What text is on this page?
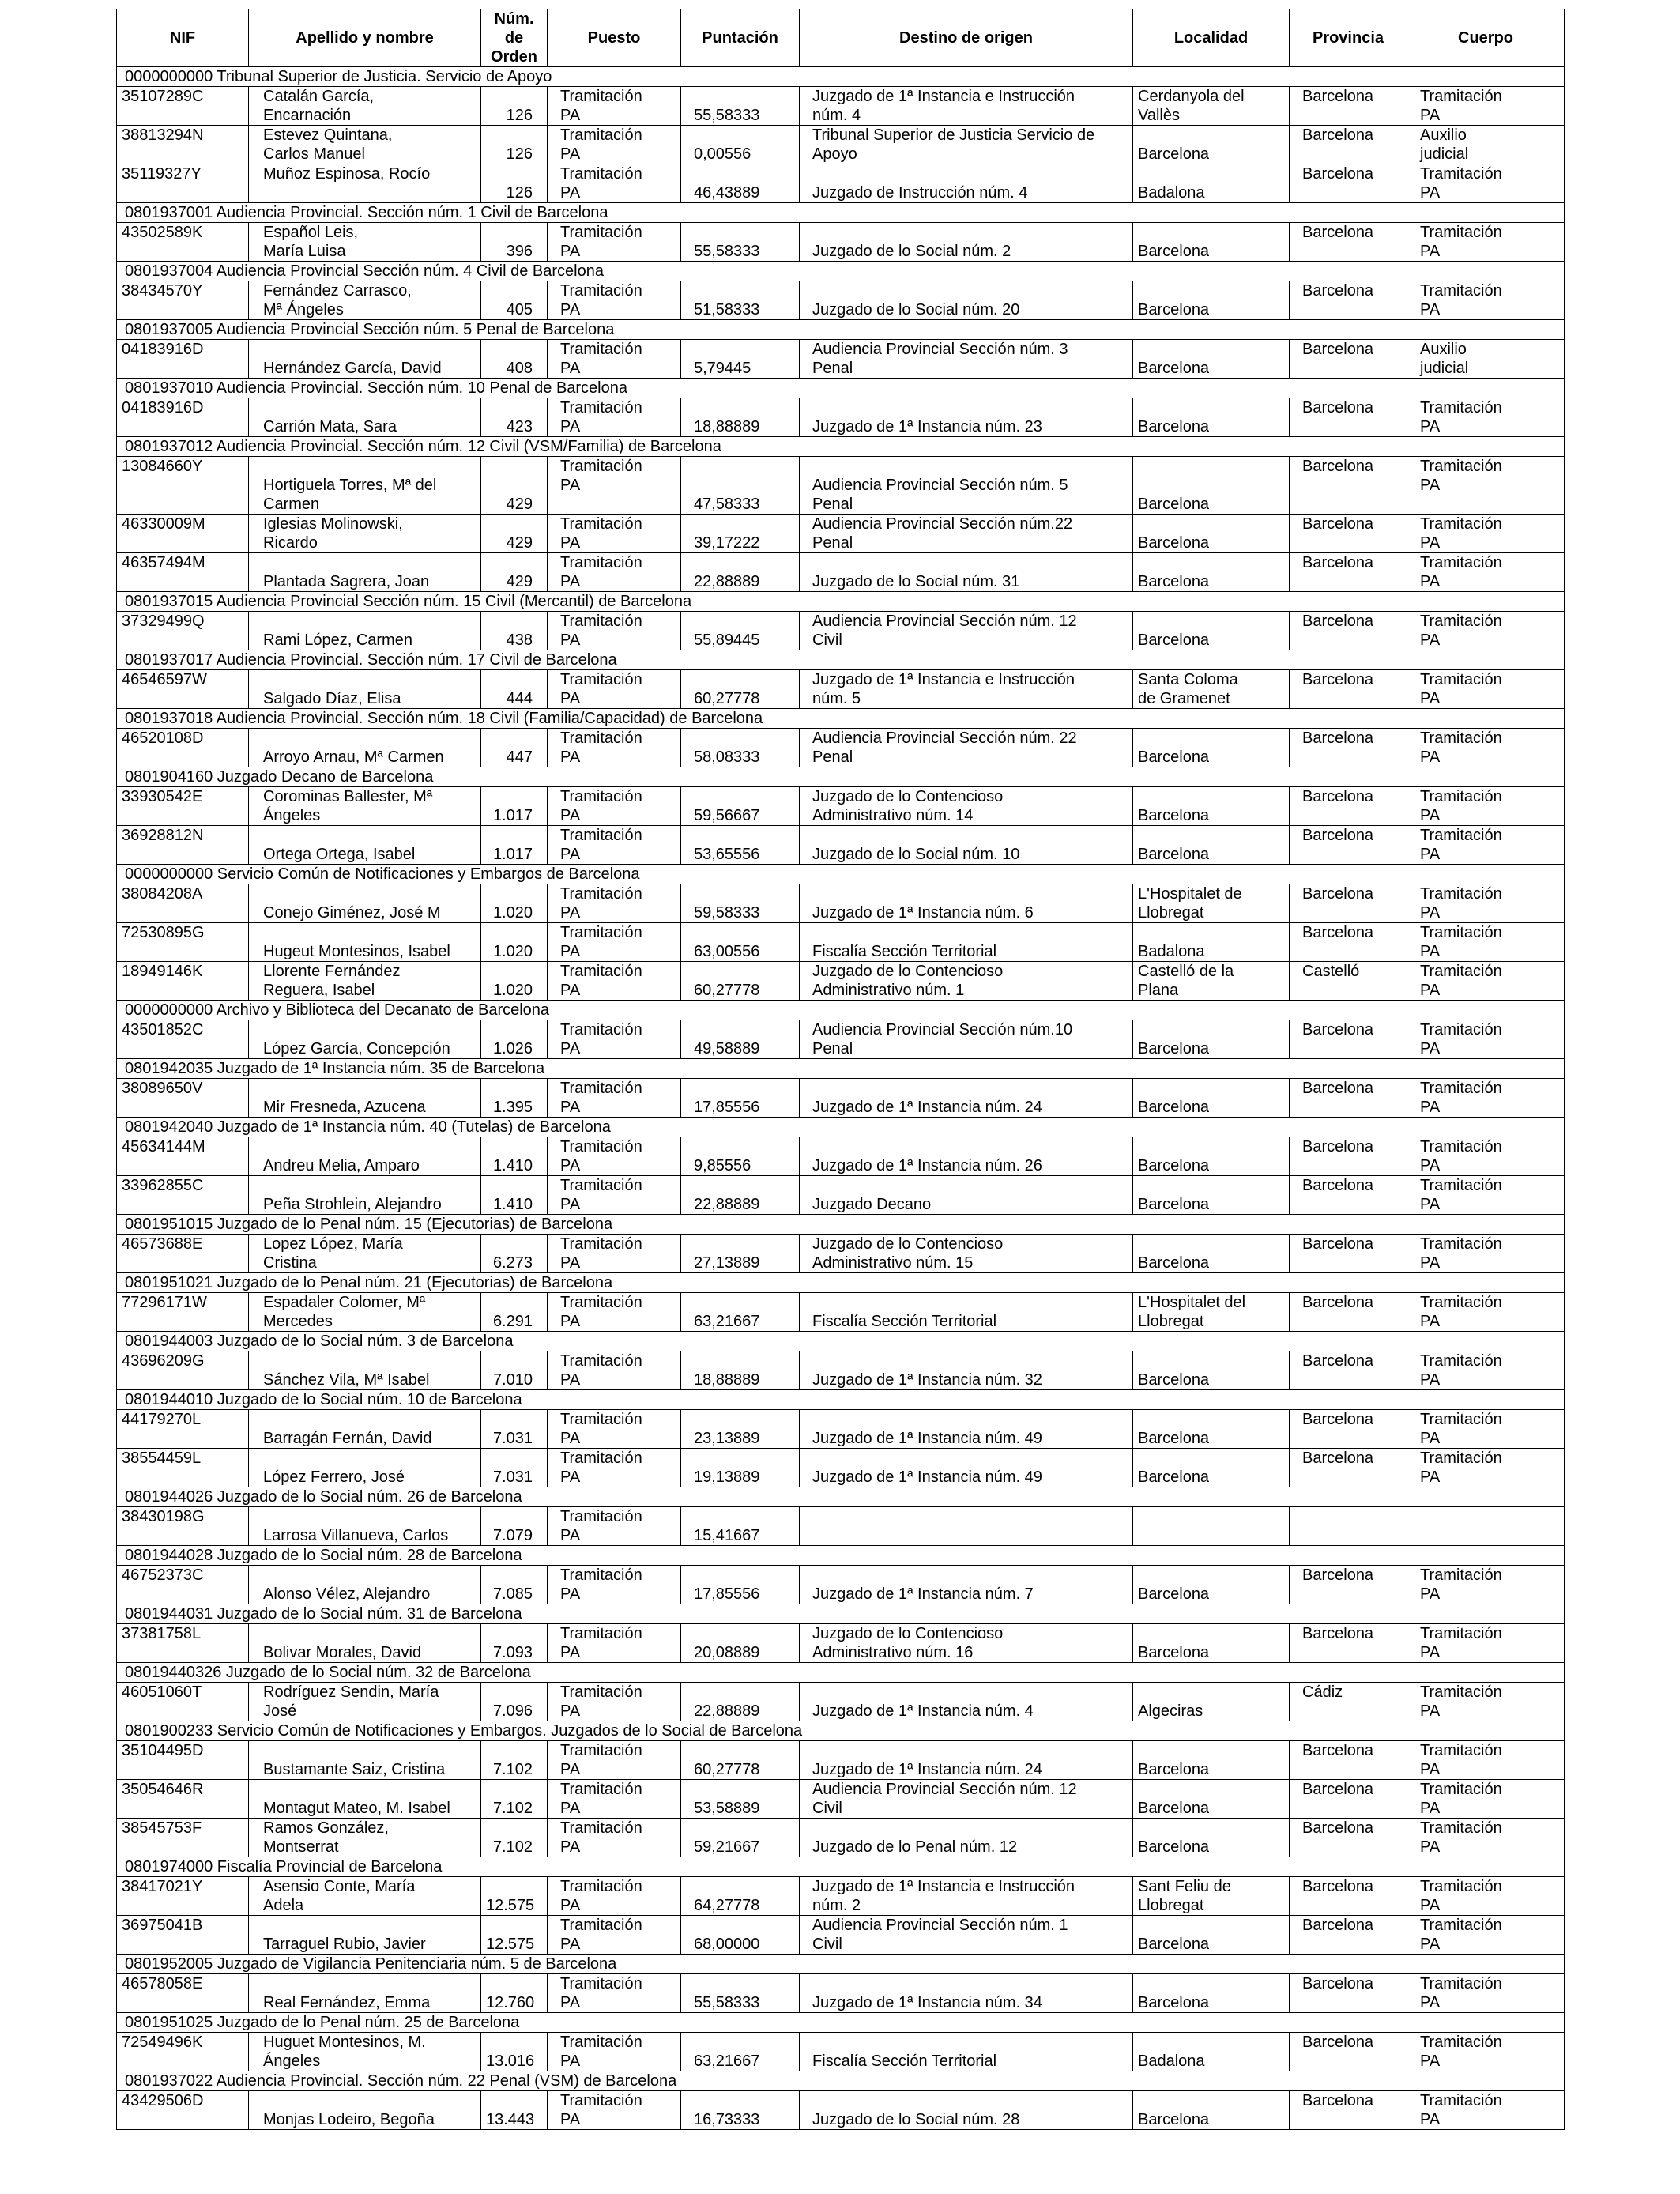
NIF	Apellido y nombre	Núm. de
Orden	Puesto	Puntación	Destino de origen	Localidad	Provincia	Cuerpo
0000000000 Tribunal Superior de Justicia. Servicio de Apoyo								
35107289C	Catalán García,
Encarnación	126	Tramitación
PA	55,58333	Juzgado de 1ª Instancia e Instrucción
núm. 4	Cerdanyola del
Vallès	Barcelona	Tramitación
PA
38813294N	Estevez Quintana,
Carlos Manuel	126	Tramitación
PA	0,00556	Tribunal Superior de Justicia Servicio de
Apoyo	Barcelona	Barcelona	Auxilio
judicial
35119327Y	Muñoz Espinosa, Rocío	126	Tramitación
PA	46,43889	Juzgado de Instrucción núm. 4	Badalona	Barcelona	Tramitación
PA
0801937001 Audiencia Provincial. Sección núm. 1 Civil de Barcelona								
43502589K	Español Leis,
María Luisa	396	Tramitación
PA	55,58333	Juzgado de lo Social núm. 2	Barcelona	Barcelona	Tramitación
PA
0801937004 Audiencia Provincial Sección núm. 4 Civil de Barcelona								
38434570Y	Fernández Carrasco,
Mª Ángeles	405	Tramitación
PA	51,58333	Juzgado de lo Social núm. 20	Barcelona	Barcelona	Tramitación
PA
0801937005 Audiencia Provincial Sección núm. 5 Penal de Barcelona								
04183916D	Hernández García, David	408	Tramitación
PA	5,79445	Audiencia Provincial Sección núm. 3
Penal	Barcelona	Barcelona	Auxilio
judicial
0801937010 Audiencia Provincial. Sección núm. 10 Penal de Barcelona								
04183916D	Carrión Mata, Sara	423	Tramitación
PA	18,88889	Juzgado de 1ª Instancia núm. 23	Barcelona	Barcelona	Tramitación
PA
0801937012 Audiencia Provincial. Sección núm. 12 Civil (VSM/Familia) de Barcelona								
13084660Y	Hortiguela Torres, Mª del
Carmen	429	Tramitación
PA	47,58333	Audiencia Provincial Sección núm. 5
Penal	Barcelona	Barcelona	Tramitación
PA
46330009M	Iglesias Molinowski,
Ricardo	429	Tramitación
PA	39,17222	Audiencia Provincial Sección núm.22
Penal	Barcelona	Barcelona	Tramitación
PA
46357494M	Plantada Sagrera, Joan	429	Tramitación
PA	22,88889	Juzgado de lo Social núm. 31	Barcelona	Barcelona	Tramitación
PA
0801937015 Audiencia Provincial Sección núm. 15 Civil (Mercantil) de Barcelona								
37329499Q	Rami López, Carmen	438	Tramitación
PA	55,89445	Audiencia Provincial Sección núm. 12
Civil	Barcelona	Barcelona	Tramitación
PA
0801937017 Audiencia Provincial. Sección núm. 17 Civil de Barcelona								
46546597W	Salgado Díaz, Elisa	444	Tramitación
PA	60,27778	Juzgado de 1ª Instancia e Instrucción
núm. 5	Santa Coloma
de Gramenet	Barcelona	Tramitación
PA
0801937018 Audiencia Provincial. Sección núm. 18 Civil (Familia/Capacidad) de Barcelona								
46520108D	Arroyo Arnau, Mª Carmen	447	Tramitación
PA	58,08333	Audiencia Provincial Sección núm. 22
Penal	Barcelona	Barcelona	Tramitación
PA
0801904160 Juzgado Decano de Barcelona								
33930542E	Corominas Ballester, Mª
Ángeles	1.017	Tramitación
PA	59,56667	Juzgado de lo Contencioso
Administrativo núm. 14	Barcelona	Barcelona	Tramitación
PA
36928812N	Ortega Ortega, Isabel	1.017	Tramitación
PA	53,65556	Juzgado de lo Social núm. 10	Barcelona	Barcelona	Tramitación
PA
0000000000 Servicio Común de Notificaciones y Embargos de Barcelona								
38084208A	Conejo Giménez, José M	1.020	Tramitación
PA	59,58333	Juzgado de 1ª Instancia núm. 6	L'Hospitalet de
Llobregat	Barcelona	Tramitación
PA
72530895G	Hugeut Montesinos, Isabel	1.020	Tramitación
PA	63,00556	Fiscalía Sección Territorial	Badalona	Barcelona	Tramitación
PA
18949146K	Llorente Fernández
Reguera, Isabel	1.020	Tramitación
PA	60,27778	Juzgado de lo Contencioso
Administrativo núm. 1	Castelló de la
Plana	Castelló	Tramitación
PA
0000000000 Archivo y Biblioteca del Decanato de Barcelona								
43501852C	López García, Concepción	1.026	Tramitación
PA	49,58889	Audiencia Provincial Sección núm.10
Penal	Barcelona	Barcelona	Tramitación
PA
0801942035 Juzgado de 1ª Instancia núm. 35 de Barcelona								
38089650V	Mir Fresneda, Azucena	1.395	Tramitación
PA	17,85556	Juzgado de 1ª Instancia núm. 24	Barcelona	Barcelona	Tramitación
PA
0801942040 Juzgado de 1ª Instancia núm. 40 (Tutelas) de Barcelona								
45634144M	Andreu Melia, Amparo	1.410	Tramitación
PA	9,85556	Juzgado de 1ª Instancia núm. 26	Barcelona	Barcelona	Tramitación
PA
33962855C	Peña Strohlein, Alejandro	1.410	Tramitación
PA	22,88889	Juzgado Decano	Barcelona	Barcelona	Tramitación
PA
0801951015 Juzgado de lo Penal núm. 15 (Ejecutorias) de Barcelona								
46573688E	Lopez López, María
Cristina	6.273	Tramitación
PA	27,13889	Juzgado de lo Contencioso
Administrativo núm. 15	Barcelona	Barcelona	Tramitación
PA
0801951021 Juzgado de lo Penal núm. 21 (Ejecutorias) de Barcelona								
77296171W	Espadaler Colomer, Mª
Mercedes	6.291	Tramitación
PA	63,21667	Fiscalía Sección Territorial	L'Hospitalet del
Llobregat	Barcelona	Tramitación
PA
0801944003 Juzgado de lo Social núm. 3 de Barcelona								
43696209G	Sánchez Vila, Mª Isabel	7.010	Tramitación
PA	18,88889	Juzgado de 1ª Instancia núm. 32	Barcelona	Barcelona	Tramitación
PA
0801944010 Juzgado de lo Social núm. 10 de Barcelona								
44179270L	Barragán Fernán, David	7.031	Tramitación
PA	23,13889	Juzgado de 1ª Instancia núm. 49	Barcelona	Barcelona	Tramitación
PA
38554459L	López Ferrero, José	7.031	Tramitación
PA	19,13889	Juzgado de 1ª Instancia núm. 49	Barcelona	Barcelona	Tramitación
PA
0801944026 Juzgado de lo Social núm. 26 de Barcelona								
38430198G	Larrosa Villanueva, Carlos	7.079	Tramitación
PA	15,41667				
0801944028 Juzgado de lo Social núm. 28 de Barcelona								
46752373C	Alonso Vélez, Alejandro	7.085	Tramitación
PA	17,85556	Juzgado de 1ª Instancia núm. 7	Barcelona	Barcelona	Tramitación
PA
0801944031 Juzgado de lo Social núm. 31 de Barcelona								
37381758L	Bolivar Morales, David	7.093	Tramitación
PA	20,08889	Juzgado de lo Contencioso
Administrativo núm. 16	Barcelona	Barcelona	Tramitación
PA
08019440326 Juzgado de lo Social núm. 32 de Barcelona								
46051060T	Rodríguez Sendin, María
José	7.096	Tramitación
PA	22,88889	Juzgado de 1ª Instancia núm. 4	Algeciras	Cádiz	Tramitación
PA
0801900233 Servicio Común de Notificaciones y Embargos. Juzgados de lo Social de Barcelona								
35104495D	Bustamante Saiz, Cristina	7.102	Tramitación
PA	60,27778	Juzgado de 1ª Instancia núm. 24	Barcelona	Barcelona	Tramitación
PA
35054646R	Montagut Mateo, M. Isabel	7.102	Tramitación
PA	53,58889	Audiencia Provincial Sección núm. 12
Civil	Barcelona	Barcelona	Tramitación
PA
38545753F	Ramos González,
Montserrat	7.102	Tramitación
PA	59,21667	Juzgado de lo Penal núm. 12	Barcelona	Barcelona	Tramitación
PA
0801974000 Fiscalía Provincial de Barcelona								
38417021Y	Asensio Conte, María
Adela	12.575	Tramitación
PA	64,27778	Juzgado de 1ª Instancia e Instrucción
núm. 2	Sant Feliu de
Llobregat	Barcelona	Tramitación
PA
36975041B	Tarraguel Rubio, Javier	12.575	Tramitación
PA	68,00000	Audiencia Provincial Sección núm. 1
Civil	Barcelona	Barcelona	Tramitación
PA
0801952005 Juzgado de Vigilancia Penitenciaria núm. 5 de Barcelona								
46578058E	Real Fernández, Emma	12.760	Tramitación
PA	55,58333	Juzgado de 1ª Instancia núm. 34	Barcelona	Barcelona	Tramitación
PA
0801951025 Juzgado de lo Penal núm. 25 de Barcelona								
72549496K	Huguet Montesinos, M.
Ángeles	13.016	Tramitación
PA	63,21667	Fiscalía Sección Territorial	Badalona	Barcelona	Tramitación
PA
0801937022 Audiencia Provincial. Sección núm. 22 Penal (VSM) de Barcelona								
43429506D	Monjas Lodeiro, Begoña	13.443	Tramitación
PA	16,73333	Juzgado de lo Social núm. 28	Barcelona	Barcelona	Tramitación
PA
